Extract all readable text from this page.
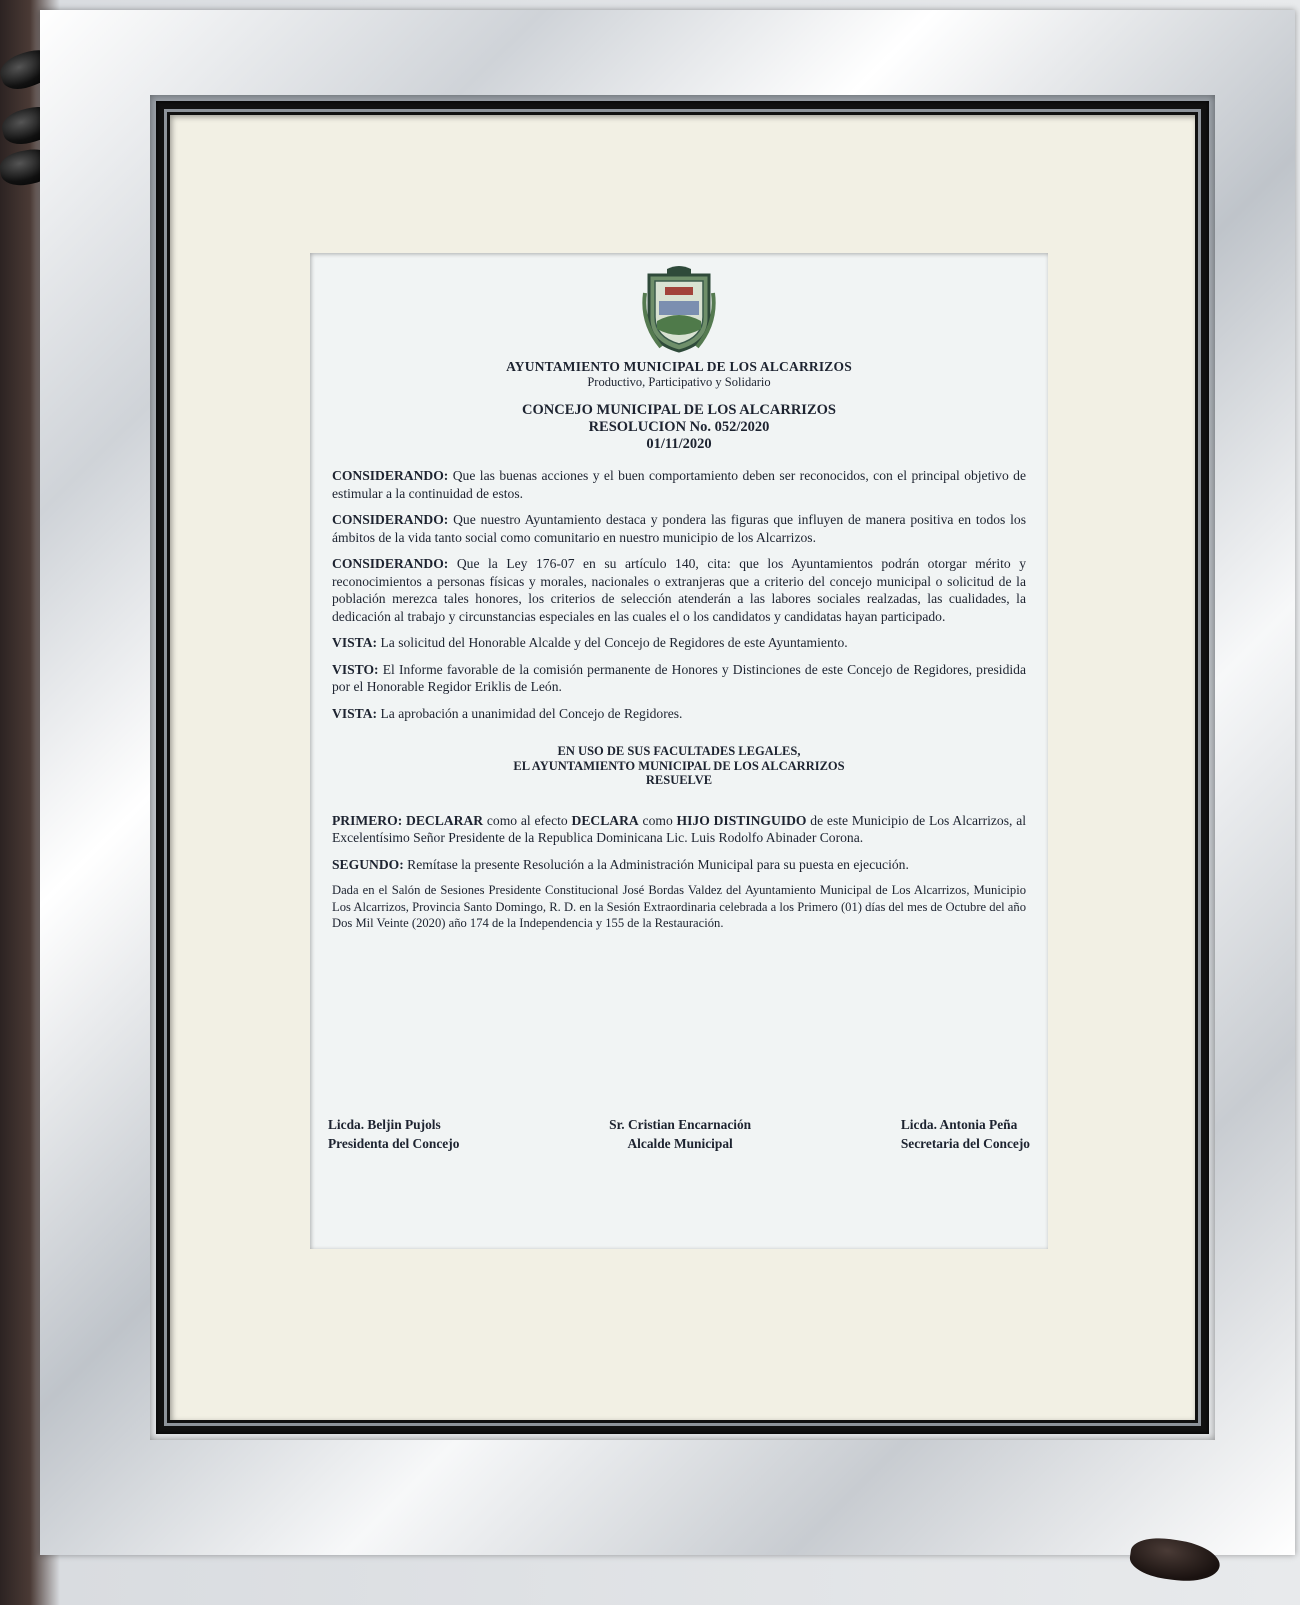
AYUNTAMIENTO MUNICIPAL DE LOS ALCARRIZOS
Productivo, Participativo y Solidario
CONCEJO MUNICIPAL DE LOS ALCARRIZOS
RESOLUCION No. 052/2020
01/11/2020

CONSIDERANDO: Que las buenas acciones y el buen comportamiento deben ser reconocidos, con el principal objetivo de estimular a la continuidad de estos.

CONSIDERANDO: Que nuestro Ayuntamiento destaca y pondera las figuras que influyen de manera positiva en todos los ámbitos de la vida tanto social como comunitario en nuestro municipio de los Alcarrizos.

CONSIDERANDO: Que la Ley 176-07 en su artículo 140, cita: que los Ayuntamientos podrán otorgar mérito y reconocimientos a personas físicas y morales, nacionales o extranjeras que a criterio del concejo municipal o solicitud de la población merezca tales honores, los criterios de selección atenderán a las labores sociales realzadas, las cualidades, la dedicación al trabajo y circunstancias especiales en las cuales el o los candidatos y candidatas hayan participado.

VISTA: La solicitud del Honorable Alcalde y del Concejo de Regidores de este Ayuntamiento.

VISTO: El Informe favorable de la comisión permanente de Honores y Distinciones de este Concejo de Regidores, presidida por el Honorable Regidor Eriklis de León.

VISTA: La aprobación a unanimidad del Concejo de Regidores.

EN USO DE SUS FACULTADES LEGALES,
EL AYUNTAMIENTO MUNICIPAL DE LOS ALCARRIZOS
RESUELVE

PRIMERO: DECLARAR como al efecto DECLARA como HIJO DISTINGUIDO de este Municipio de Los Alcarrizos, al Excelentísimo Señor Presidente de la Republica Dominicana Lic. Luis Rodolfo Abinader Corona.

SEGUNDO: Remítase la presente Resolución a la Administración Municipal para su puesta en ejecución.

Dada en el Salón de Sesiones Presidente Constitucional José Bordas Valdez del Ayuntamiento Municipal de Los Alcarrizos, Municipio Los Alcarrizos, Provincia Santo Domingo, R. D. en la Sesión Extraordinaria celebrada a los Primero (01) días del mes de Octubre del año Dos Mil Veinte (2020) año 174 de la Independencia y 155 de la Restauración.

Licda. Beljin Pujols
Presidenta del Concejo
Sr. Cristian Encarnación
Alcalde Municipal
Licda. Antonia Peña
Secretaria del Concejo
